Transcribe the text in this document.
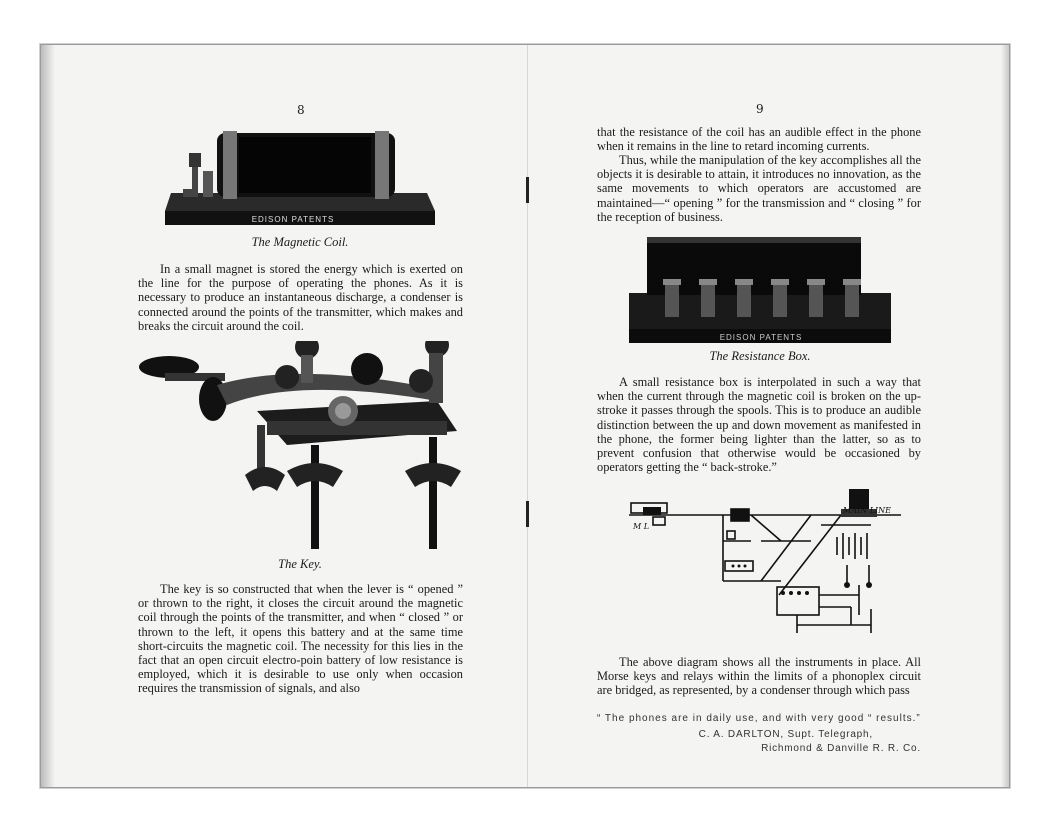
8
EDISON PATENTS
The Magnetic Coil.

In a small magnet is stored the energy which is exerted on the line for the purpose of operating the phones. As it is necessary to produce an instantaneous discharge, a condenser is connected around the points of the transmitter, which makes and breaks the circuit around the coil.

The Key.

The key is so constructed that when the lever is “ opened ” or thrown to the right, it closes the circuit around the magnetic coil through the points of the transmitter, and when “ closed ” or thrown to the left, it opens this battery and at the same time short-circuits the magnetic coil. The necessity for this lies in the fact that an open circuit electro-poin battery of low resistance is employed, which it is desirable to use only when occasion requires the transmission of signals, and also

9

that the resistance of the coil has an audible effect in the phone when it remains in the line to retard incoming currents.

Thus, while the manipulation of the key accomplishes all the objects it is desirable to attain, it introduces no innovation, as the same movements to which operators are accustomed are maintained—“ opening ” for the transmission and “ closing ” for the reception of business.

EDISON PATENTS
The Resistance Box.

A small resistance box is interpolated in such a way that when the current through the magnetic coil is broken on the up-stroke it passes through the spools. This is to produce an audible distinction between the up and down movement as manifested in the phone, the former being lighter than the latter, so as to prevent confusion that otherwise would be occasioned by operators getting the “ back-stroke.”

MAIN LINE
M L

The above diagram shows all the instruments in place. All Morse keys and relays within the limits of a phonoplex circuit are bridged, as represented, by a condenser through which pass

“ The phones are in daily use, and with very good “ results.”

C. A. DARLTON, Supt. Telegraph,
Richmond & Danville R. R. Co.
